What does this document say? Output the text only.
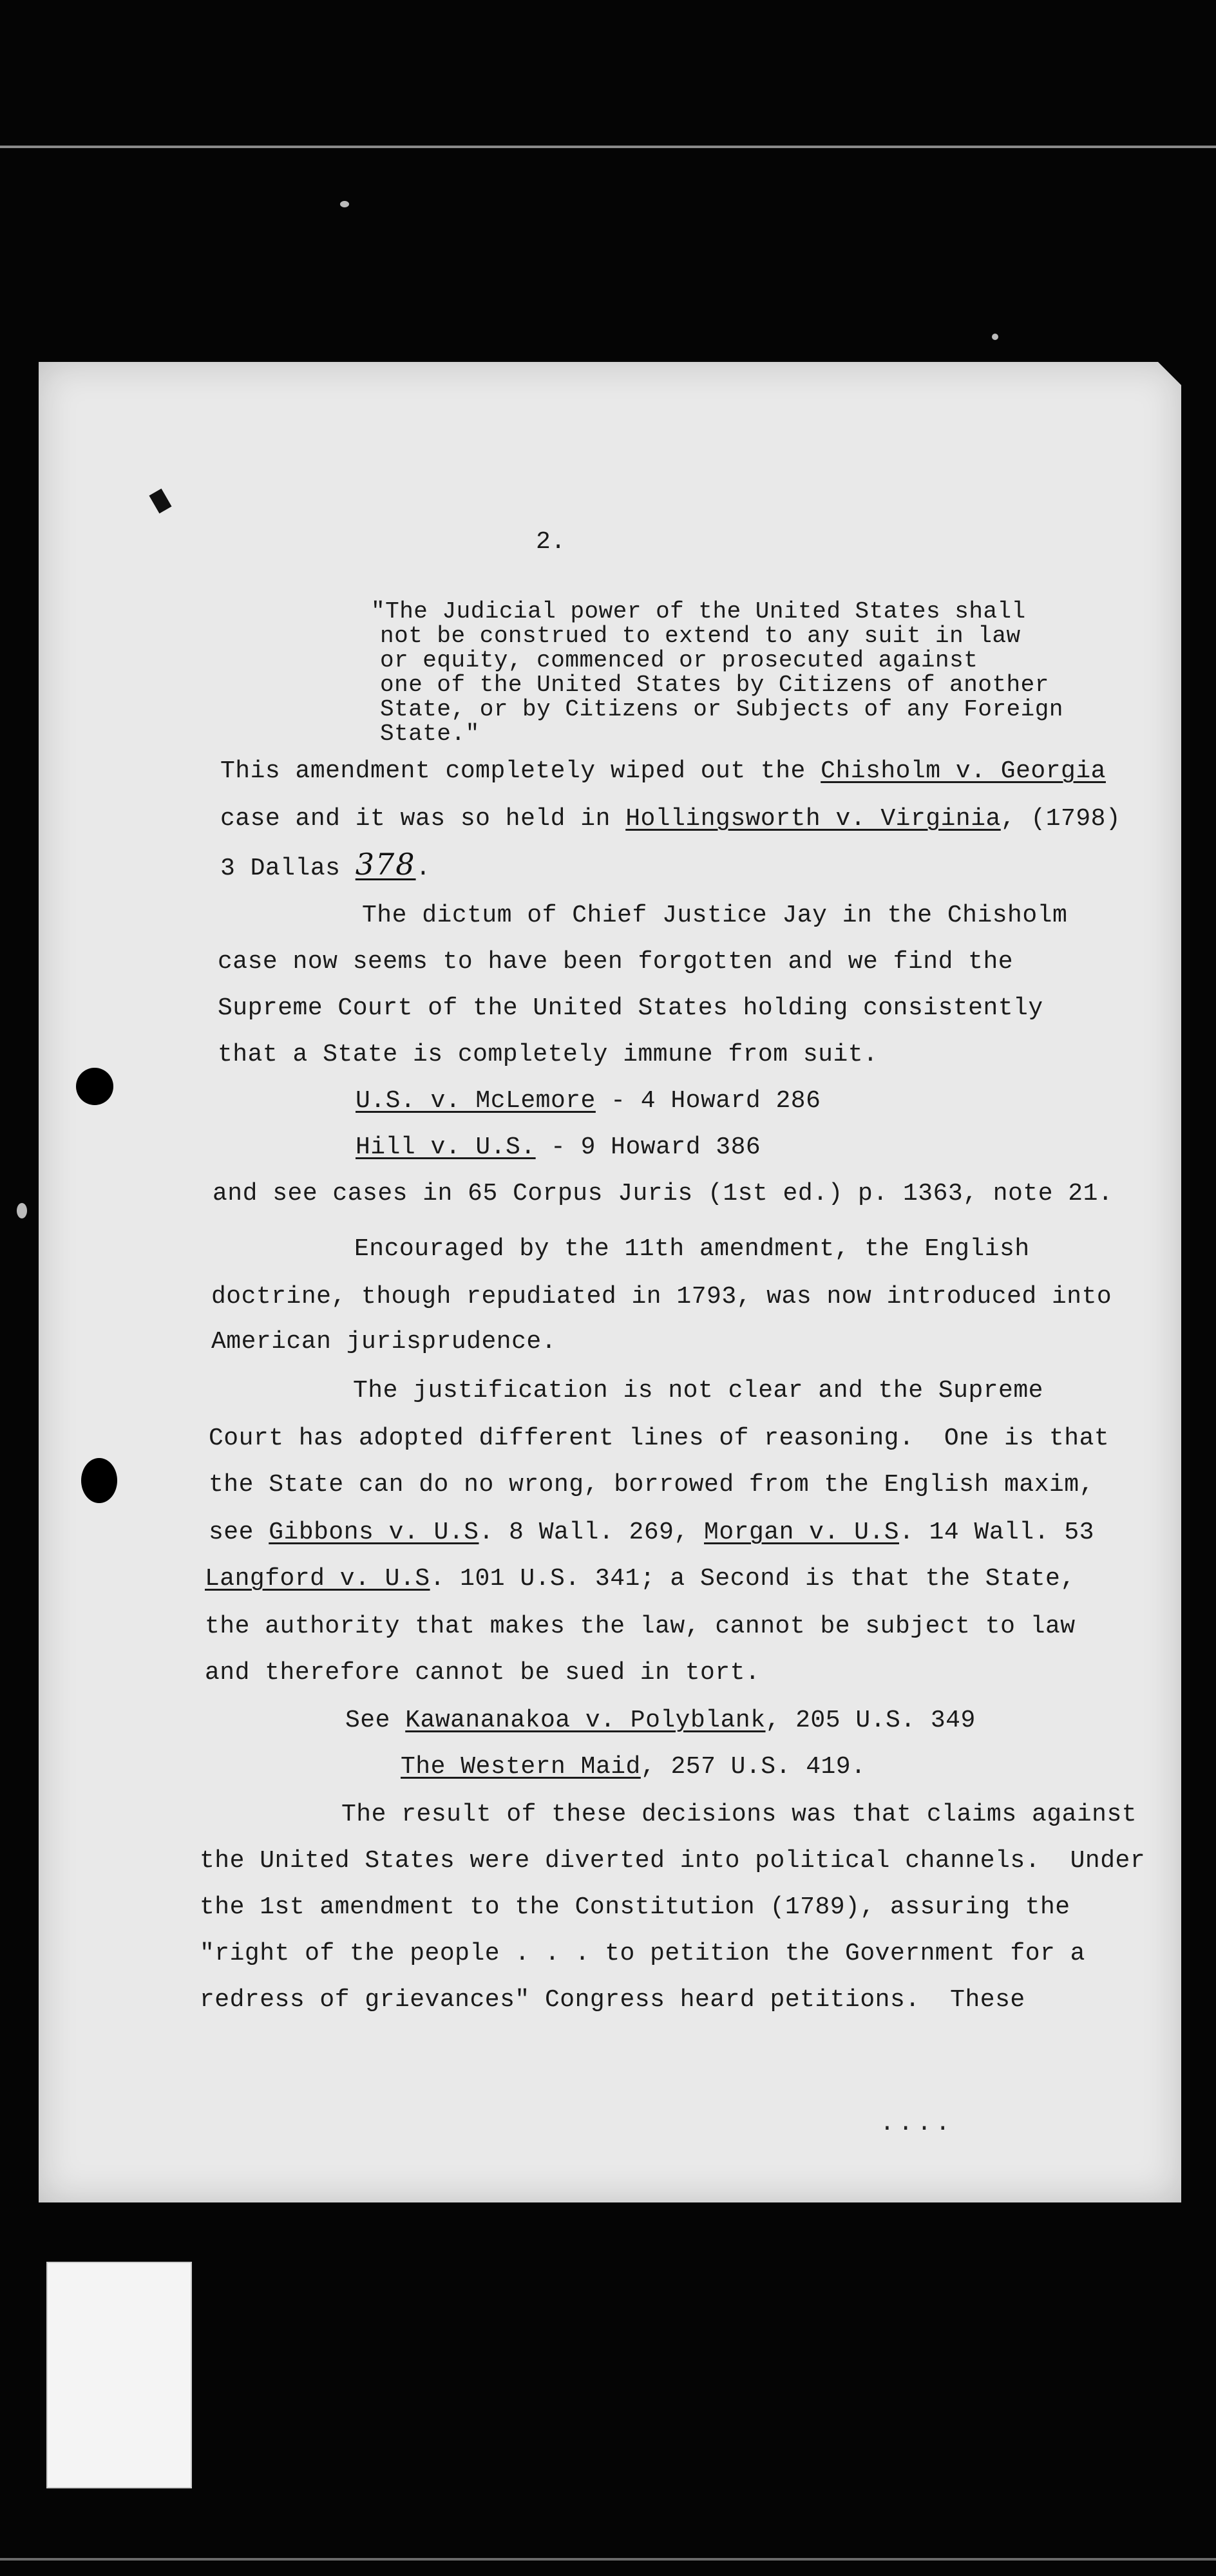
2.

"The Judicial power of the United States shall

not be construed to extend to any suit in law

or equity, commenced or prosecuted against

one of the United States by Citizens of another

State, or by Citizens or Subjects of any Foreign

State."

This amendment completely wiped out the Chisholm v. Georgia

case and it was so held in Hollingsworth v. Virginia, (1798)

3 Dallas 378.

The dictum of Chief Justice Jay in the Chisholm

case now seems to have been forgotten and we find the

Supreme Court of the United States holding consistently

that a State is completely immune from suit.

U.S. v. McLemore - 4 Howard 286

Hill v. U.S. - 9 Howard 386

and see cases in 65 Corpus Juris (1st ed.) p. 1363, note 21.

Encouraged by the 11th amendment, the English

doctrine, though repudiated in 1793, was now introduced into

American jurisprudence.

The justification is not clear and the Supreme

Court has adopted different lines of reasoning.  One is that

the State can do no wrong, borrowed from the English maxim,

see Gibbons v. U.S. 8 Wall. 269, Morgan v. U.S. 14 Wall. 53

Langford v. U.S. 101 U.S. 341; a Second is that the State,

the authority that makes the law, cannot be subject to law

and therefore cannot be sued in tort.

See Kawananakoa v. Polyblank, 205 U.S. 349

The Western Maid, 257 U.S. 419.

The result of these decisions was that claims against

the United States were diverted into political channels.  Under

the 1st amendment to the Constitution (1789), assuring the

"right of the people . . . to petition the Government for a

redress of grievances" Congress heard petitions.  These

....
